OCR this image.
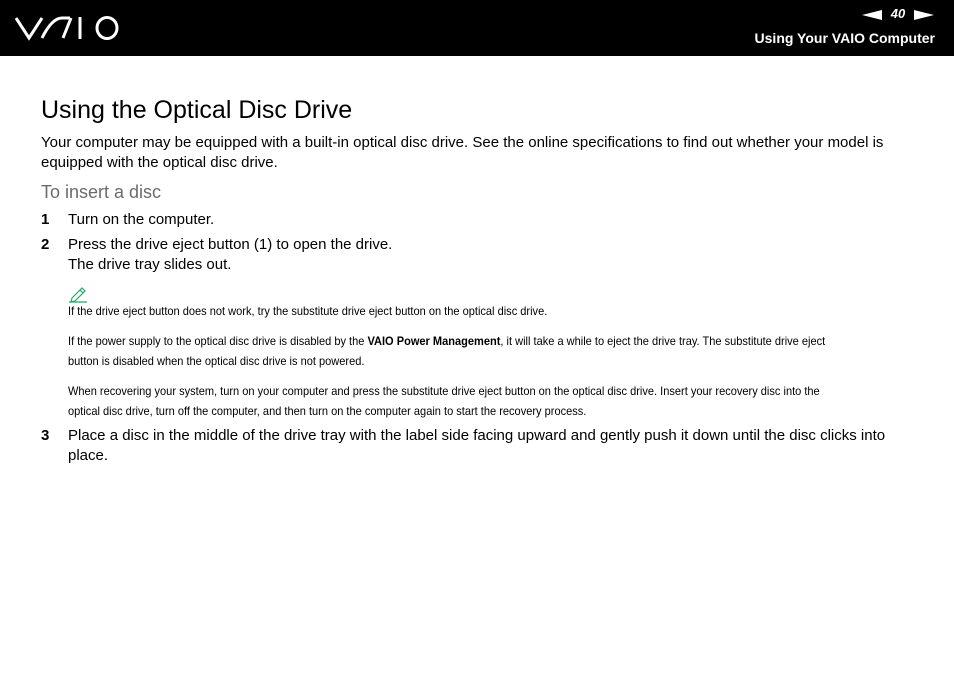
40
Using Your VAIO Computer
Using the Optical Disc Drive

Your computer may be equipped with a built-in optical disc drive. See the online specifications to find out whether your model is equipped with the optical disc drive.

To insert a disc
1 Turn on the computer.
2 Press the drive eject button (1) to open the drive.
The drive tray slides out.

If the drive eject button does not work, try the substitute drive eject button on the optical disc drive.

If the power supply to the optical disc drive is disabled by the VAIO Power Management, it will take a while to eject the drive tray. The substitute drive eject button is disabled when the optical disc drive is not powered.

When recovering your system, turn on your computer and press the substitute drive eject button on the optical disc drive. Insert your recovery disc into the optical disc drive, turn off the computer, and then turn on the computer again to start the recovery process.

3 Place a disc in the middle of the drive tray with the label side facing upward and gently push it down until the disc clicks into place.
